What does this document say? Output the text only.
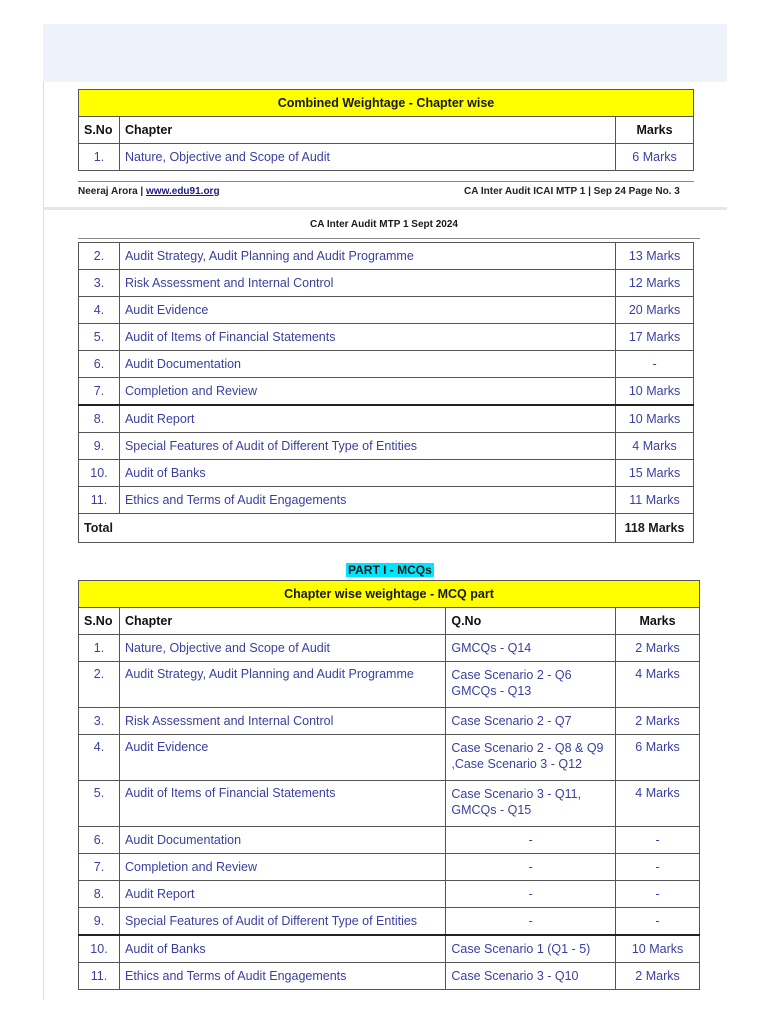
Combined Weightage - Chapter wise		
S.No	Chapter	Marks
1.	Nature, Objective and Scope of Audit	6 Marks
Neeraj Arora | www.edu91.org	CA Inter Audit ICAI MTP 1 | Sep 24 Page No. 3
CA Inter Audit MTP 1 Sept 2024
2.	Audit Strategy, Audit Planning and Audit Programme	13 Marks
3.	Risk Assessment and Internal Control	12 Marks
4.	Audit Evidence	20 Marks
5.	Audit of Items of Financial Statements	17 Marks
6.	Audit Documentation	-
7.	Completion and Review	10 Marks
8.	Audit Report	10 Marks
9.	Special Features of Audit of Different Type of Entities	4 Marks
10.	Audit of Banks	15 Marks
11.	Ethics and Terms of Audit Engagements	11 Marks
Total		118 Marks
PART I - MCQs
Chapter wise weightage - MCQ part			
S.No	Chapter	Q.No	Marks
1.	Nature, Objective and Scope of Audit	GMCQs - Q14	2 Marks
2.	Audit Strategy, Audit Planning and Audit Programme	Case Scenario 2 - Q6
GMCQs - Q13	4 Marks
3.	Risk Assessment and Internal Control	Case Scenario 2 - Q7	2 Marks
4.	Audit Evidence	Case Scenario 2 - Q8 & Q9
,Case Scenario 3 - Q12	6 Marks
5.	Audit of Items of Financial Statements	Case Scenario 3 - Q11,
GMCQs - Q15	4 Marks
6.	Audit Documentation	-	-
7.	Completion and Review	-	-
8.	Audit Report	-	-
9.	Special Features of Audit of Different Type of Entities	-	-
10.	Audit of Banks	Case Scenario 1 (Q1 - 5)	10 Marks
11.	Ethics and Terms of Audit Engagements	Case Scenario 3 - Q10	2 Marks
